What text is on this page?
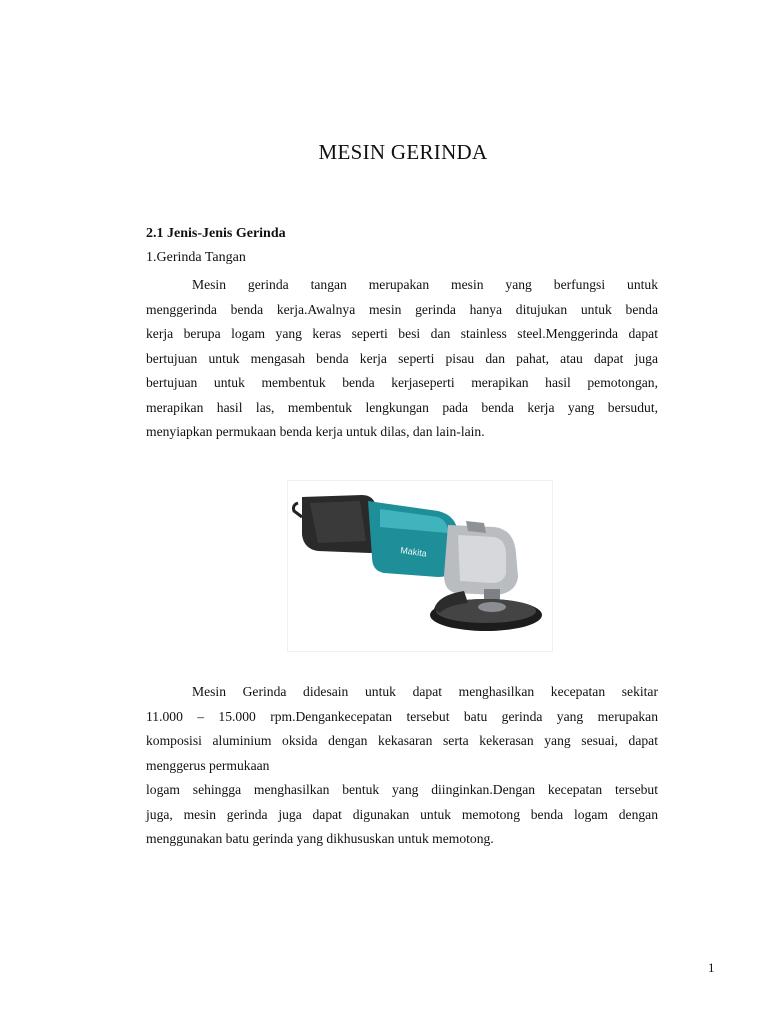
MESIN GERINDA
2.1 Jenis-Jenis Gerinda
1.Gerinda Tangan
Mesin gerinda tangan merupakan mesin yang berfungsi untuk
menggerinda benda kerja.Awalnya mesin gerinda hanya ditujukan untuk benda
kerja berupa logam yang keras seperti besi dan stainless steel.Menggerinda dapat
bertujuan untuk mengasah benda kerja seperti pisau dan pahat, atau dapat juga
bertujuan untuk membentuk benda kerjaseperti merapikan hasil pemotongan,
merapikan hasil las, membentuk lengkungan pada benda kerja yang bersudut,
menyiapkan permukaan benda kerja untuk dilas, dan lain-lain.
Makita
Mesin Gerinda didesain untuk dapat menghasilkan kecepatan sekitar
11.000 – 15.000 rpm.Dengankecepatan tersebut batu gerinda yang merupakan
komposisi aluminium oksida dengan kekasaran serta kekerasan yang sesuai, dapat
menggerus permukaan
logam sehingga menghasilkan bentuk yang diinginkan.Dengan kecepatan tersebut
juga, mesin gerinda juga dapat digunakan untuk memotong benda logam dengan
menggunakan batu gerinda yang dikhususkan untuk memotong.
1
